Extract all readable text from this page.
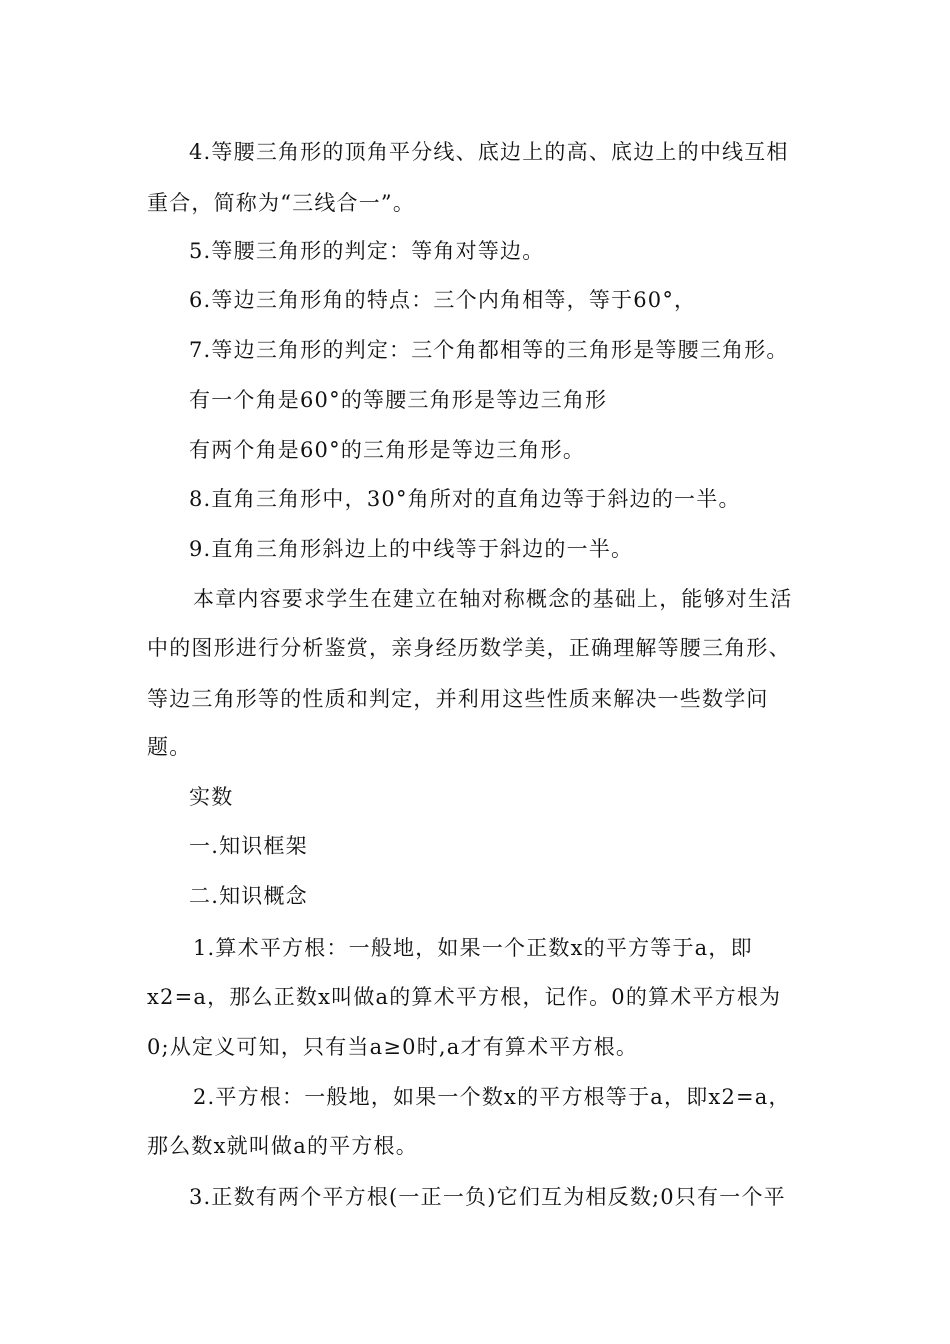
4.等腰三角形的顶角平分线、底边上的高、底边上的中线互相
重合，简称为“三线合一”。
5.等腰三角形的判定：等角对等边。
6.等边三角形角的特点：三个内角相等，等于60°，
7.等边三角形的判定：三个角都相等的三角形是等腰三角形。
有一个角是60°的等腰三角形是等边三角形
有两个角是60°的三角形是等边三角形。
8.直角三角形中，30°角所对的直角边等于斜边的一半。
9.直角三角形斜边上的中线等于斜边的一半。
本章内容要求学生在建立在轴对称概念的基础上，能够对生活
中的图形进行分析鉴赏，亲身经历数学美，正确理解等腰三角形、
等边三角形等的性质和判定，并利用这些性质来解决一些数学问
题。
实数
一.知识框架
二.知识概念
1.算术平方根：一般地，如果一个正数x的平方等于a，即
x2=a，那么正数x叫做a的算术平方根，记作。0的算术平方根为
0;从定义可知，只有当a≥0时,a才有算术平方根。
2.平方根：一般地，如果一个数x的平方根等于a，即x2=a，
那么数x就叫做a的平方根。
3.正数有两个平方根(一正一负)它们互为相反数;0只有一个平
